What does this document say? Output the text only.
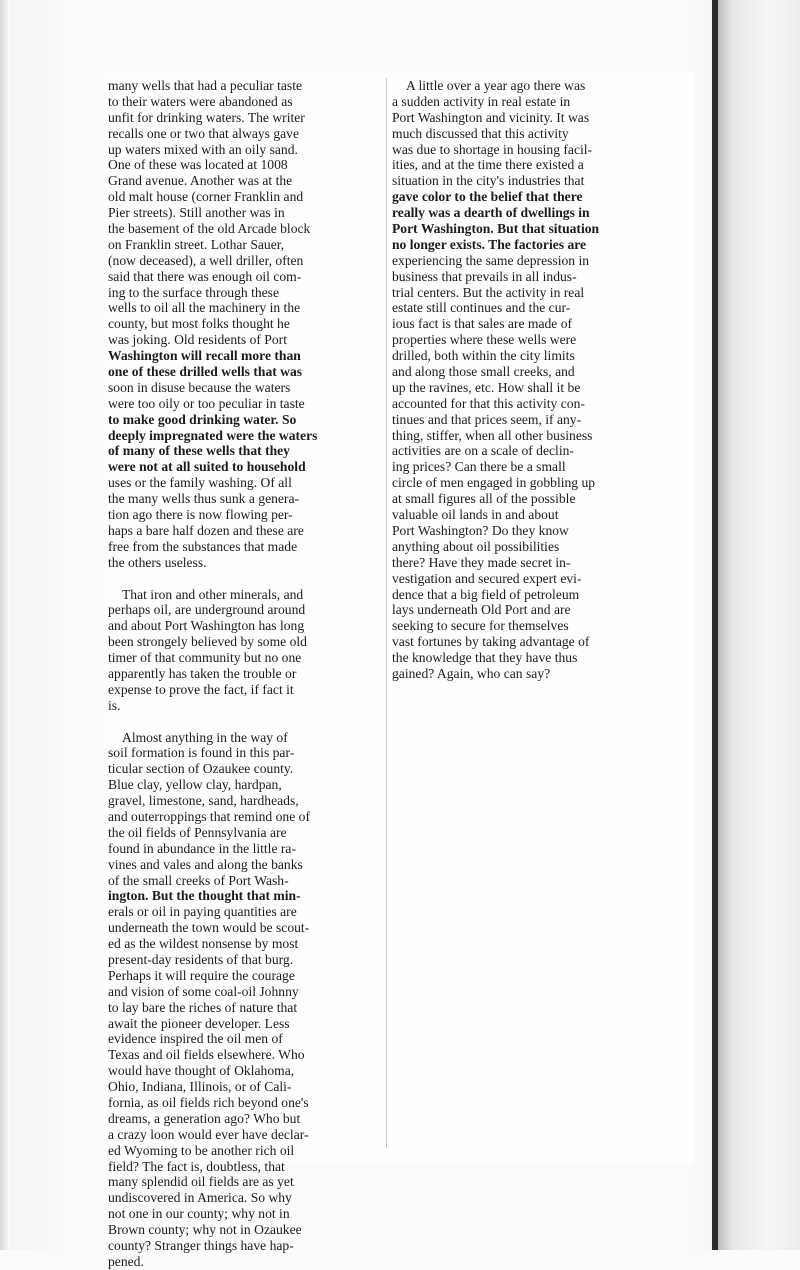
many wells that had a peculiar taste
to their waters were abandoned as
unfit for drinking waters. The writer
recalls one or two that always gave
up waters mixed with an oily sand.
One of these was located at 1008
Grand avenue. Another was at the
old malt house (corner Franklin and
Pier streets). Still another was in
the basement of the old Arcade block
on Franklin street. Lothar Sauer,
(now deceased), a well driller, often
said that there was enough oil com-
ing to the surface through these
wells to oil all the machinery in the
county, but most folks thought he
was joking. Old residents of Port
Washington will recall more than
one of these drilled wells that was
soon in disuse because the waters
were too oily or too peculiar in taste
to make good drinking water. So
deeply impregnated were the waters
of many of these wells that they
were not at all suited to household
uses or the family washing. Of all
the many wells thus sunk a genera-
tion ago there is now flowing per-
haps a bare half dozen and these are
free from the substances that made
the others useless.
That iron and other minerals, and
perhaps oil, are underground around
and about Port Washington has long
been strongely believed by some old
timer of that community but no one
apparently has taken the trouble or
expense to prove the fact, if fact it
is.
Almost anything in the way of
soil formation is found in this par-
ticular section of Ozaukee county.
Blue clay, yellow clay, hardpan,
gravel, limestone, sand, hardheads,
and outerroppings that remind one of
the oil fields of Pennsylvania are
found in abundance in the little ra-
vines and vales and along the banks
of the small creeks of Port Wash-
ington. But the thought that min-
erals or oil in paying quantities are
underneath the town would be scout-
ed as the wildest nonsense by most
present-day residents of that burg.
Perhaps it will require the courage
and vision of some coal-oil Johnny
to lay bare the riches of nature that
await the pioneer developer. Less
evidence inspired the oil men of
Texas and oil fields elsewhere. Who
would have thought of Oklahoma,
Ohio, Indiana, Illinois, or of Cali-
fornia, as oil fields rich beyond one's
dreams, a generation ago? Who but
a crazy loon would ever have declar-
ed Wyoming to be another rich oil
field? The fact is, doubtless, that
many splendid oil fields are as yet
undiscovered in America. So why
not one in our county; why not in
Brown county; why not in Ozaukee
county? Stranger things have hap-
pened.
A little over a year ago there was
a sudden activity in real estate in
Port Washington and vicinity. It was
much discussed that this activity
was due to shortage in housing facil-
ities, and at the time there existed a
situation in the city's industries that
gave color to the belief that there
really was a dearth of dwellings in
Port Washington. But that situation
no longer exists. The factories are
experiencing the same depression in
business that prevails in all indus-
trial centers. But the activity in real
estate still continues and the cur-
ious fact is that sales are made of
properties where these wells were
drilled, both within the city limits
and along those small creeks, and
up the ravines, etc. How shall it be
accounted for that this activity con-
tinues and that prices seem, if any-
thing, stiffer, when all other business
activities are on a scale of declin-
ing prices? Can there be a small
circle of men engaged in gobbling up
at small figures all of the possible
valuable oil lands in and about
Port Washington? Do they know
anything about oil possibilities
there? Have they made secret in-
vestigation and secured expert evi-
dence that a big field of petroleum
lays underneath Old Port and are
seeking to secure for themselves
vast fortunes by taking advantage of
the knowledge that they have thus
gained? Again, who can say?
